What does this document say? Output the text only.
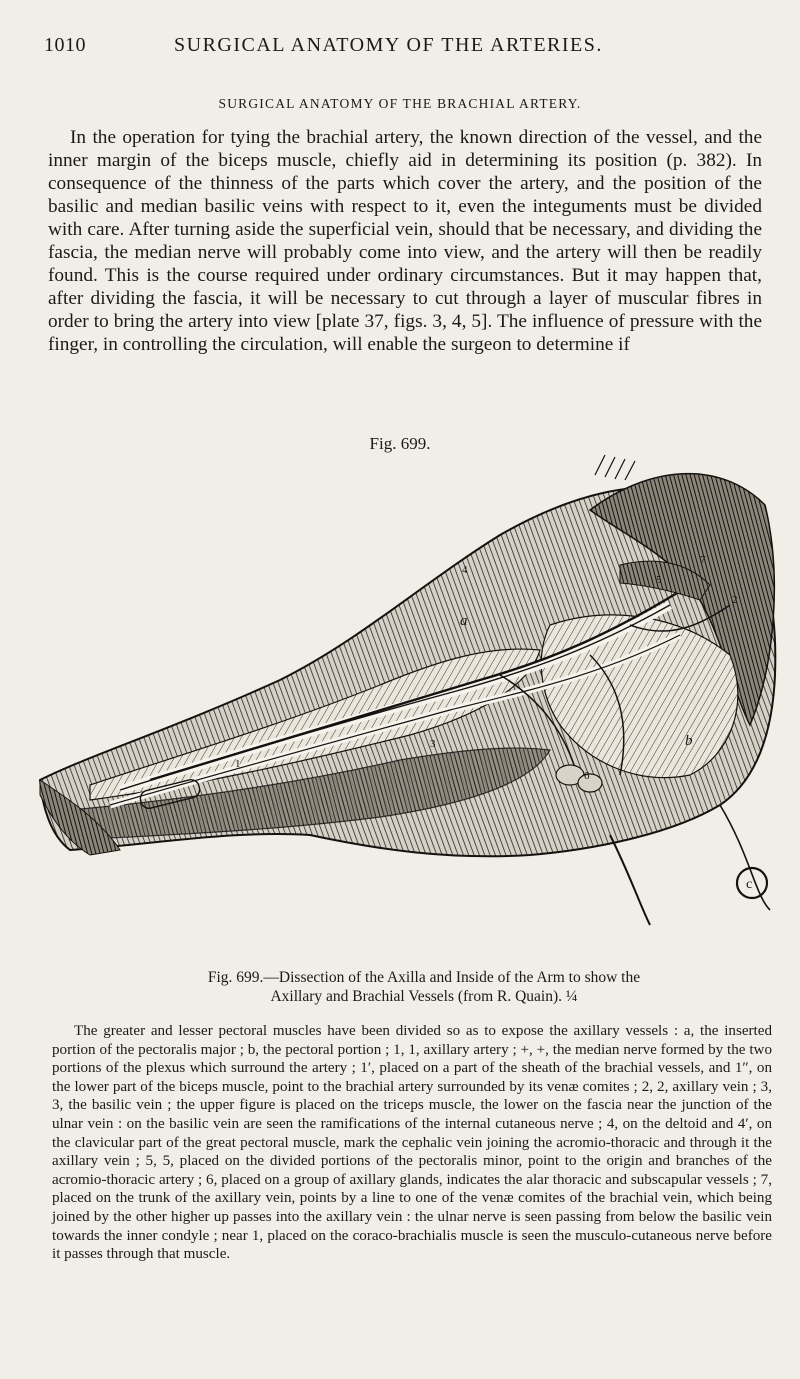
1010	SURGICAL ANATOMY OF THE ARTERIES.
SURGICAL ANATOMY OF THE BRACHIAL ARTERY.

In the operation for tying the brachial artery, the known direction of the vessel, and the inner margin of the biceps muscle, chiefly aid in determining its position (p. 382). In consequence of the thinness of the parts which cover the artery, and the position of the basilic and median basilic veins with respect to it, even the integuments must be divided with care. After turning aside the superficial vein, should that be necessary, and dividing the fascia, the median nerve will probably come into view, and the artery will then be readily found. This is the course required under ordinary circumstances. But it may happen that, after dividing the fascia, it will be necessary to cut through a layer of muscular fibres in order to bring the artery into view [plate 37, figs. 3, 4, 5]. The influence of pressure with the finger, in controlling the circulation, will enable the surgeon to determine if

Fig. 699.
a
b
1
2
3
4
5
6
7
c

Fig. 699.—Dissection of the Axilla and Inside of the Arm to show the
Axillary and Brachial Vessels (from R. Quain). ¼

The greater and lesser pectoral muscles have been divided so as to expose the axillary vessels : a, the inserted portion of the pectoralis major ; b, the pectoral portion ; 1, 1, axillary artery ; +, +, the median nerve formed by the two portions of the plexus which surround the artery ; 1′, placed on a part of the sheath of the brachial vessels, and 1″, on the lower part of the biceps muscle, point to the brachial artery surrounded by its venæ comites ; 2, 2, axillary vein ; 3, 3, the basilic vein ; the upper figure is placed on the triceps muscle, the lower on the fascia near the junction of the ulnar vein : on the basilic vein are seen the ramifications of the internal cutaneous nerve ; 4, on the deltoid and 4′, on the clavicular part of the great pectoral muscle, mark the cephalic vein joining the acromio-thoracic and through it the axillary vein ; 5, 5, placed on the divided portions of the pectoralis minor, point to the origin and branches of the acromio-thoracic artery ; 6, placed on a group of axillary glands, indicates the alar thoracic and subscapular vessels ; 7, placed on the trunk of the axillary vein, points by a line to one of the venæ comites of the brachial vein, which being joined by the other higher up passes into the axillary vein : the ulnar nerve is seen passing from below the basilic vein towards the inner condyle ; near 1, placed on the coraco-brachialis muscle is seen the musculo-cutaneous nerve before it passes through that muscle.
